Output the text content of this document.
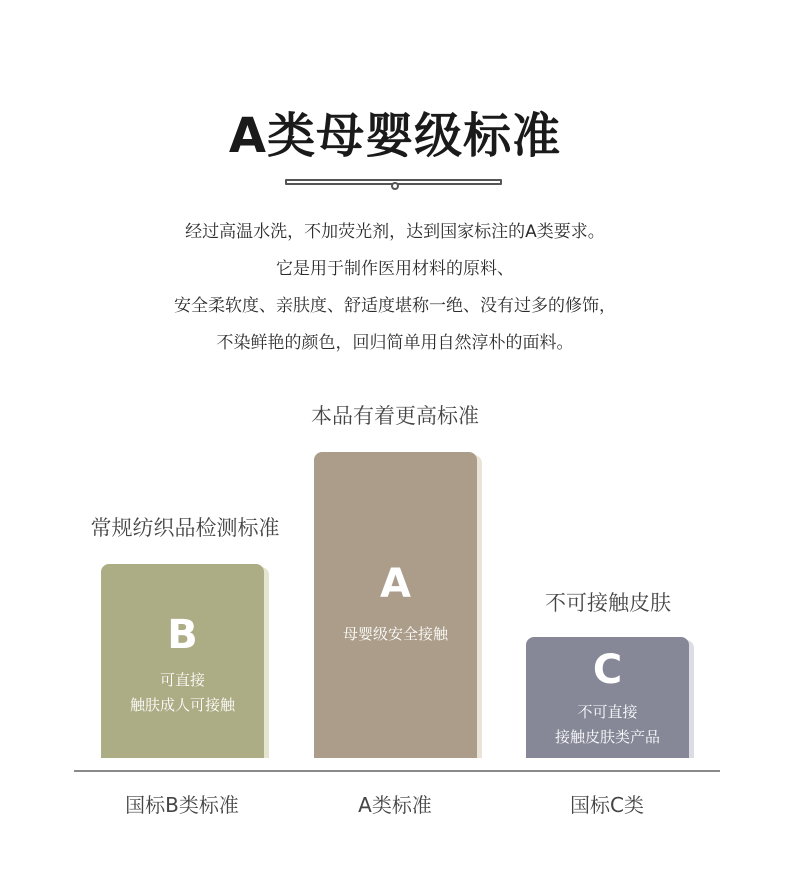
A类母婴级标准
经过高温水洗，不加荧光剂，达到国家标注的A类要求。
它是用于制作医用材料的原料、
安全柔软度、亲肤度、舒适度堪称一绝、没有过多的修饰，
不染鲜艳的颜色，回归简单用自然淳朴的面料。
常规纺织品检测标准
B
可直接
触肤成人可接触
本品有着更高标准
A
母婴级安全接触
不可接触皮肤
C
不可直接
接触皮肤类产品
国标B类标准	A类标准	国标C类
